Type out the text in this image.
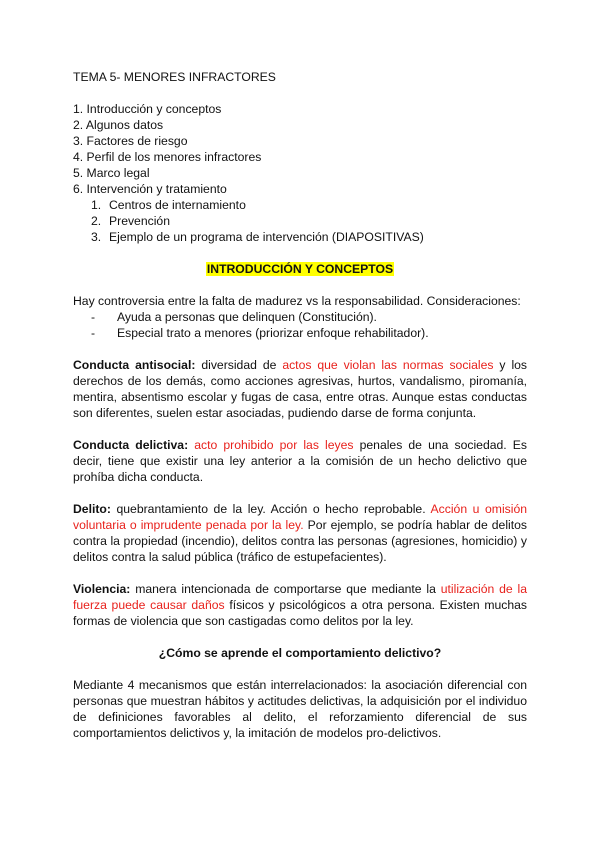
TEMA 5- MENORES INFRACTORES
1. Introducción y conceptos
2. Algunos datos
3. Factores de riesgo
4. Perfil de los menores infractores
5. Marco legal
6. Intervención y tratamiento
1. Centros de internamiento
2. Prevención
3. Ejemplo de un programa de intervención (DIAPOSITIVAS)
INTRODUCCIÓN Y CONCEPTOS
Hay controversia entre la falta de madurez vs la responsabilidad. Consideraciones:
- Ayuda a personas que delinquen (Constitución).
- Especial trato a menores (priorizar enfoque rehabilitador).
Conducta antisocial: diversidad de actos que violan las normas sociales y los derechos de los demás, como acciones agresivas, hurtos, vandalismo, piromanía, mentira, absentismo escolar y fugas de casa, entre otras. Aunque estas conductas son diferentes, suelen estar asociadas, pudiendo darse de forma conjunta.
Conducta delictiva: acto prohibido por las leyes penales de una sociedad. Es decir, tiene que existir una ley anterior a la comisión de un hecho delictivo que prohíba dicha conducta.
Delito: quebrantamiento de la ley. Acción o hecho reprobable. Acción u omisión voluntaria o imprudente penada por la ley. Por ejemplo, se podría hablar de delitos contra la propiedad (incendio), delitos contra las personas (agresiones, homicidio) y delitos contra la salud pública (tráfico de estupefacientes).
Violencia: manera intencionada de comportarse que mediante la utilización de la fuerza puede causar daños físicos y psicológicos a otra persona. Existen muchas formas de violencia que son castigadas como delitos por la ley.
¿Cómo se aprende el comportamiento delictivo?
Mediante 4 mecanismos que están interrelacionados: la asociación diferencial con personas que muestran hábitos y actitudes delictivas, la adquisición por el individuo de definiciones favorables al delito, el reforzamiento diferencial de sus comportamientos delictivos y, la imitación de modelos pro-delictivos.
